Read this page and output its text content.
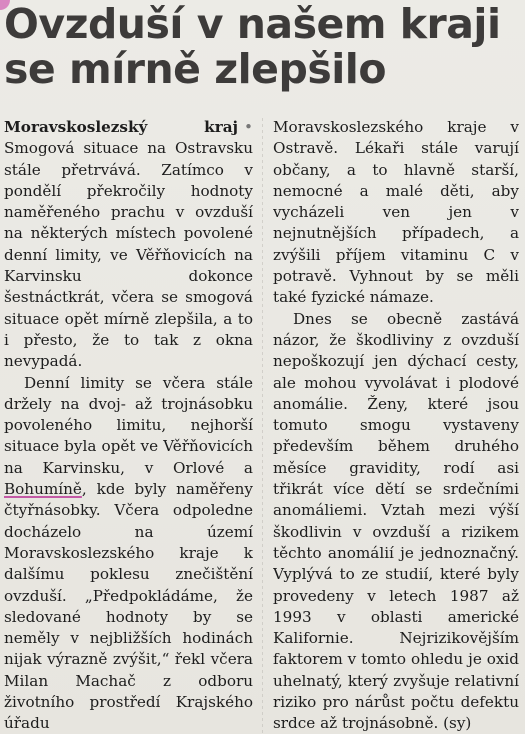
Ovzduší v našem kraji
se mírně zlepšilo

Moravskoslezský kraj • Smogová situace na Ostravsku stále přetrvává. Zatímco v pondělí překročily hodnoty naměřeného prachu v ovzduší na některých místech povolené denní limity, ve Věřňovicích na Karvinsku dokonce šestnáctkrát, včera se smogová situace opět mírně zlepšila, a to i přesto, že to tak z okna nevypadá.

Denní limity se včera stále držely na dvoj- až trojnásobku povoleného limitu, nejhorší situace byla opět ve Věřňovicích na Karvinsku, v Orlové a Bohumíně, kde byly naměřeny čtyřnásobky. Včera odpoledne docházelo na území Moravskoslezského kraje k dalšímu poklesu znečištění ovzduší. „Předpokládáme, že sledované hodnoty by se neměly v nejbližších hodinách nijak výrazně zvýšit,“ řekl včera Milan Machač z odboru životního prostředí Krajského úřadu

Moravskoslezského kraje v Ostravě. Lékaři stále varují občany, a to hlavně starší, nemocné a malé děti, aby vycházeli ven jen v nejnutnějších případech, a zvýšili příjem vitaminu C v potravě. Vyhnout by se měli také fyzické námaze.

Dnes se obecně zastává názor, že škodliviny z ovzduší nepoškozují jen dýchací cesty, ale mohou vyvolávat i plodové anomálie. Ženy, které jsou tomuto smogu vystaveny především během druhého měsíce gravidity, rodí asi třikrát více dětí se srdečními anomáliemi. Vztah mezi výší škodlivin v ovzduší a rizikem těchto anomálií je jednoznačný. Vyplývá to ze studií, které byly provedeny v letech 1987 až 1993 v oblasti americké Kalifornie. Nejrizikovějším faktorem v tomto ohledu je oxid uhelnatý, který zvyšuje relativní riziko pro nárůst počtu defektu srdce až trojnásobně. (sy)
